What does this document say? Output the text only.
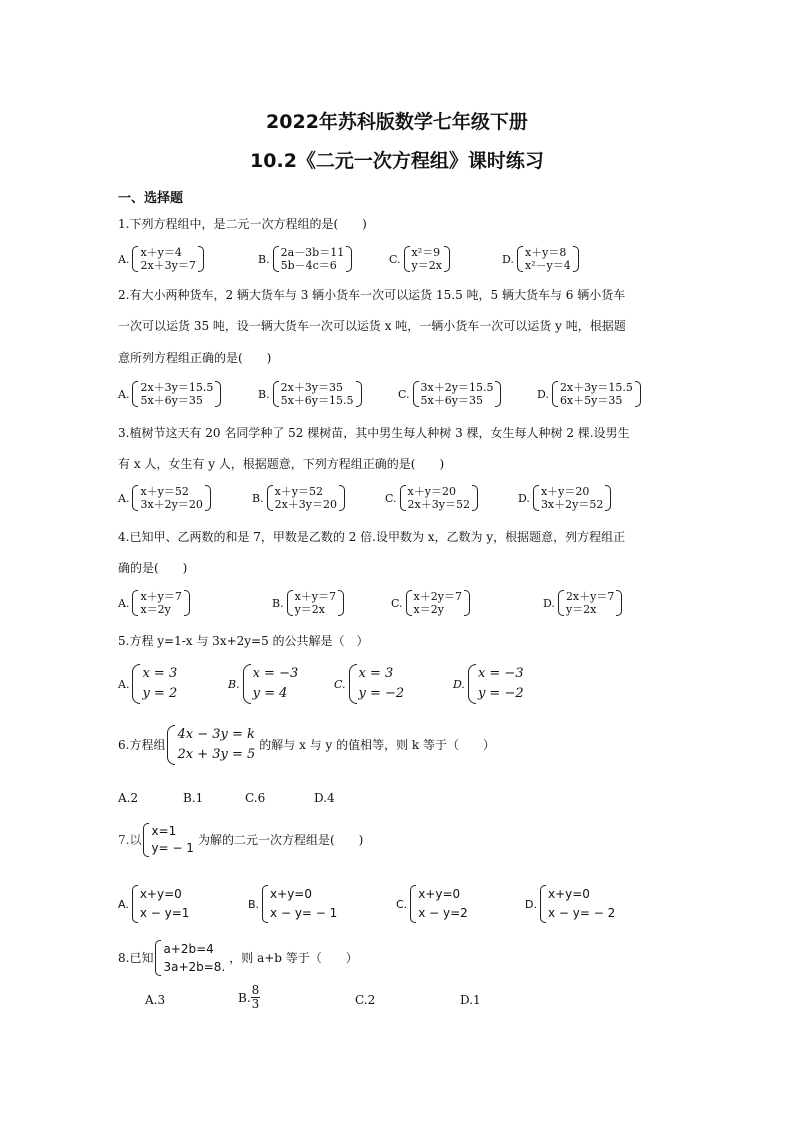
2022年苏科版数学七年级下册
10.2《二元一次方程组》课时练习
一、选择题
1.下列方程组中，是二元一次方程组的是(　　)
A. x＋y＝4
2x＋3y＝7	B. 2a－3b＝11
5b－4c＝6	C. x²＝9
y＝2x	D. x＋y＝8
x²－y＝4
2.有大小两种货车，2 辆大货车与 3 辆小货车一次可以运货 15.5 吨，5 辆大货车与 6 辆小货车
一次可以运货 35 吨，设一辆大货车一次可以运货 x 吨，一辆小货车一次可以运货 y 吨，根据题
意所列方程组正确的是(　　)
A. 2x＋3y＝15.5
5x＋6y＝35	B. 2x＋3y＝35
5x＋6y＝15.5	C. 3x＋2y＝15.5
5x＋6y＝35	D. 2x＋3y＝15.5
6x＋5y＝35
3.植树节这天有 20 名同学种了 52 棵树苗，其中男生每人种树 3 棵，女生每人种树 2 棵.设男生
有 x 人，女生有 y 人，根据题意，下列方程组正确的是(　　)
A. x＋y＝52
3x＋2y＝20	B. x＋y＝52
2x＋3y＝20	C. x＋y＝20
2x＋3y＝52	D. x＋y＝20
3x＋2y＝52
4.已知甲、乙两数的和是 7，甲数是乙数的 2 倍.设甲数为 x，乙数为 y，根据题意，列方程组正
确的是(　　)
A. x＋y＝7
x＝2y	B. x＋y＝7
y＝2x	C. x＋2y＝7
x＝2y	D. 2x＋y＝7
y＝2x
5.方程 y=1-x 与 3x+2y=5 的公共解是（　）
A.
x = 3
y = 2
B.
x = −3
y = 4
C.
x = 3
y = −2
D.
x = −3
y = −2
6.方程组
4x − 3y = k
2x + 3y = 5
的解与 x 与 y 的值相等，则 k 等于（　　）
A.2	B.1	C.6	D.4
7.以
x=1
y= − 1
为解的二元一次方程组是(　　)
A.
x+y=0
x − y=1
B.
x+y=0
x − y= − 1
C.
x+y=0
x − y=2
D.
x+y=0
x − y= − 2
8.已知
a+2b=4
3a+2b=8.
，则 a+b 等于（　　）
A.3	B. $\frac{8}{3}$	C.2	D.1
